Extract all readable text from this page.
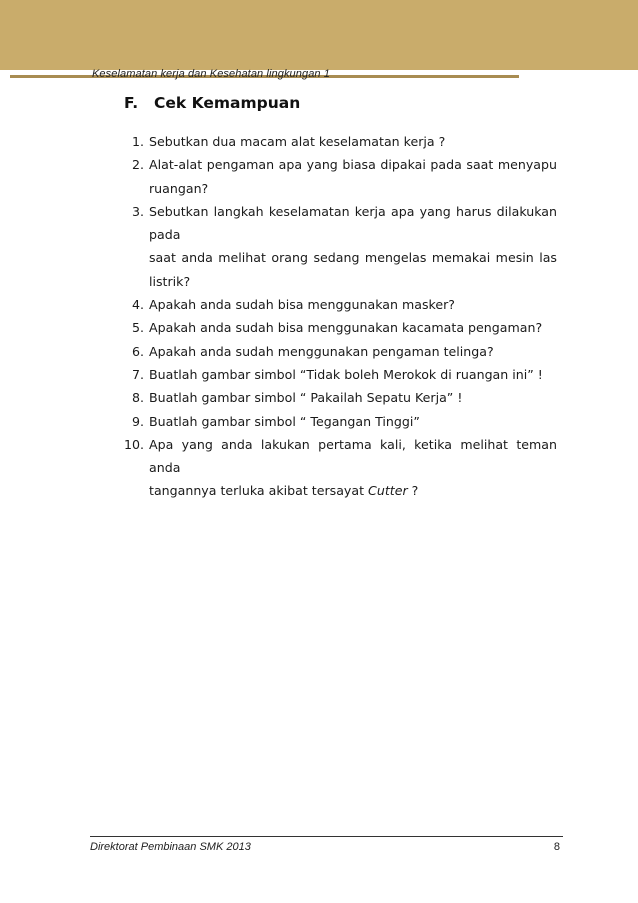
Keselamatan kerja dan Kesehatan lingkungan 1
F. Cek Kemampuan
1. Sebutkan dua macam alat keselamatan kerja ?
2. Alat-alat pengaman apa yang biasa dipakai pada saat menyapu
ruangan?
3. Sebutkan langkah keselamatan kerja apa yang harus dilakukan pada
saat anda melihat orang sedang mengelas memakai mesin las listrik?
4. Apakah anda sudah bisa menggunakan masker?
5. Apakah anda sudah bisa menggunakan kacamata pengaman?
6. Apakah anda sudah menggunakan pengaman telinga?
7. Buatlah gambar simbol “Tidak boleh Merokok di ruangan ini” !
8. Buatlah gambar simbol “ Pakailah Sepatu Kerja” !
9. Buatlah gambar simbol “ Tegangan Tinggi”
10. Apa yang anda lakukan pertama kali, ketika melihat teman anda
tangannya terluka akibat tersayat Cutter ?
Direktorat Pembinaan SMK 2013	8
